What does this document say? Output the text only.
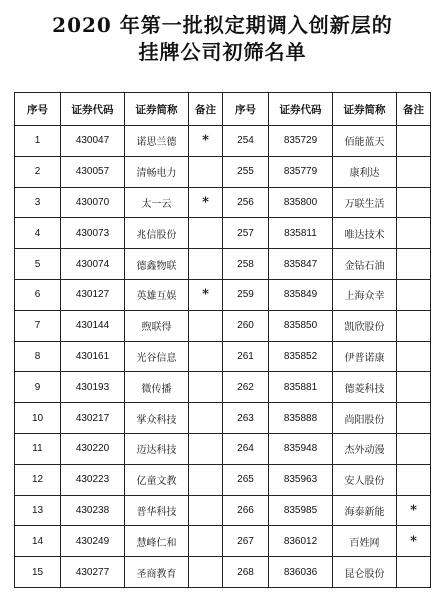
2020 年第一批拟定期调入创新层的
挂牌公司初筛名单
序号	证券代码	证券简称	备注	序号	证券代码	证券简称	备注
1	430047	诺思兰德	*	254	835729	佰能蓝天	
2	430057	清畅电力		255	835779	康利达	
3	430070	太一云	*	256	835800	万联生活	
4	430073	兆信股份		257	835811	唯达技术	
5	430074	德鑫物联		258	835847	金钻石油	
6	430127	英雄互娱	*	259	835849	上海众幸	
7	430144	煦联得		260	835850	凯欣股份	
8	430161	光谷信息		261	835852	伊普诺康	
9	430193	微传播		262	835881	德菱科技	
10	430217	掌众科技		263	835888	尚阳股份	
11	430220	迈达科技		264	835948	杰外动漫	
12	430223	亿童文教		265	835963	安人股份	
13	430238	普华科技		266	835985	海泰新能	*
14	430249	慧峰仁和		267	836012	百姓网	*
15	430277	圣商教育		268	836036	昆仑股份	
